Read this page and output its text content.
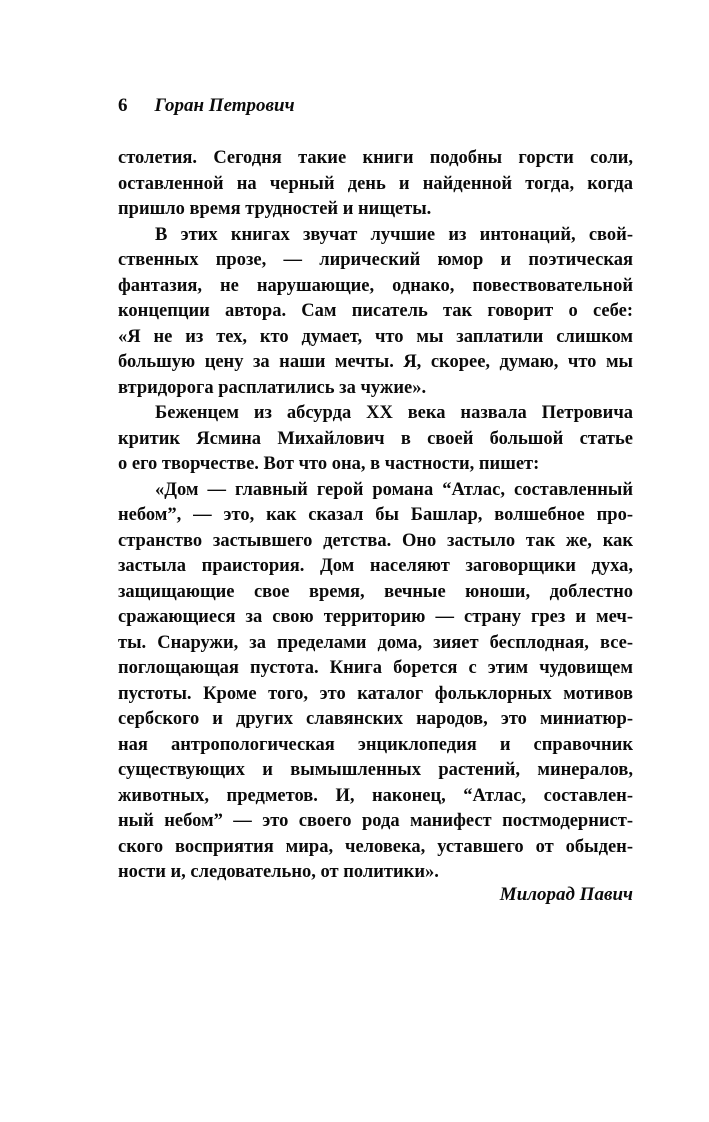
6 Горан Петрович
столетия. Сегодня такие книги подобны горсти соли,
оставленной на черный день и найденной тогда, когда
пришло время трудностей и нищеты.
В этих книгах звучат лучшие из интонаций, свой-
ственных прозе, — лирический юмор и поэтическая
фантазия, не нарушающие, однако, повествовательной
концепции автора. Сам писатель так говорит о себе:
«Я не из тех, кто думает, что мы заплатили слишком
большую цену за наши мечты. Я, скорее, думаю, что мы
втридорога расплатились за чужие».
Беженцем из абсурда XX века назвала Петровича
критик Ясмина Михайлович в своей большой статье
о его творчестве. Вот что она, в частности, пишет:
«Дом — главный герой романа “Атлас, составленный
небом”, — это, как сказал бы Башлар, волшебное про-
странство застывшего детства. Оно застыло так же, как
застыла праистория. Дом населяют заговорщики духа,
защищающие свое время, вечные юноши, доблестно
сражающиеся за свою территорию — страну грез и меч-
ты. Снаружи, за пределами дома, зияет бесплодная, все-
поглощающая пустота. Книга борется с этим чудовищем
пустоты. Кроме того, это каталог фольклорных мотивов
сербского и других славянских народов, это миниатюр-
ная антропологическая энциклопедия и справочник
существующих и вымышленных растений, минералов,
животных, предметов. И, наконец, “Атлас, составлен-
ный небом” — это своего рода манифест постмодернист-
ского восприятия мира, человека, уставшего от обыден-
ности и, следовательно, от политики».
Милорад Павич
